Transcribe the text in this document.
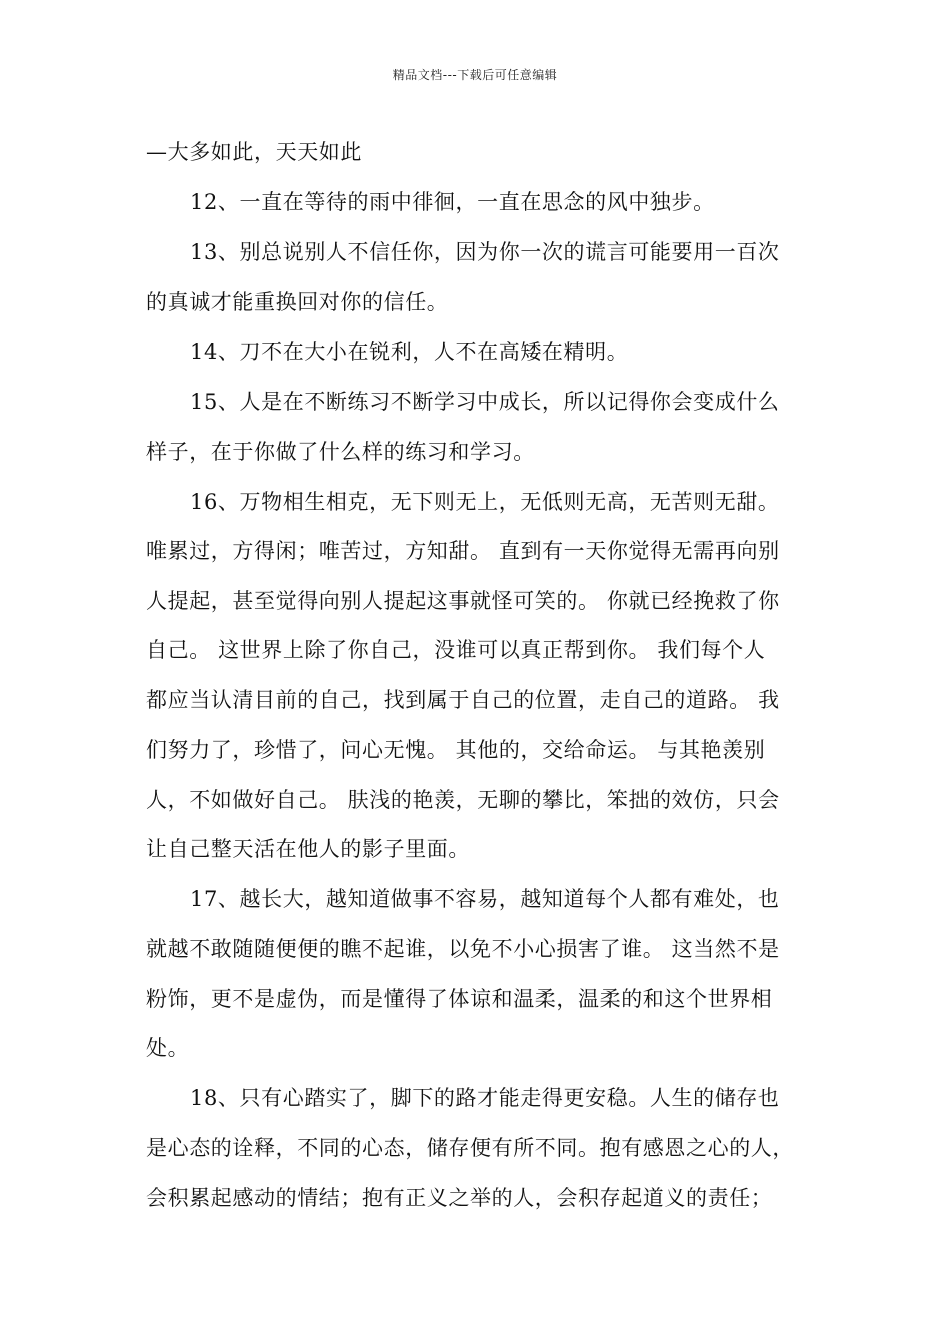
精品文档---下载后可任意编辑
—大多如此，天天如此
12、一直在等待的雨中徘徊，一直在思念的风中独步。
13、别总说别人不信任你，因为你一次的谎言可能要用一百次
的真诚才能重换回对你的信任。
14、刀不在大小在锐利，人不在高矮在精明。
15、人是在不断练习不断学习中成长，所以记得你会变成什么
样子，在于你做了什么样的练习和学习。
16、万物相生相克，无下则无上，无低则无高，无苦则无甜。
唯累过，方得闲；唯苦过，方知甜。 直到有一天你觉得无需再向别
人提起，甚至觉得向别人提起这事就怪可笑的。 你就已经挽救了你
自己。 这世界上除了你自己，没谁可以真正帮到你。 我们每个人
都应当认清目前的自己，找到属于自己的位置，走自己的道路。 我
们努力了，珍惜了，问心无愧。 其他的，交给命运。 与其艳羡别
人，不如做好自己。 肤浅的艳羡，无聊的攀比，笨拙的效仿，只会
让自己整天活在他人的影子里面。
17、越长大，越知道做事不容易，越知道每个人都有难处，也
就越不敢随随便便的瞧不起谁，以免不小心损害了谁。 这当然不是
粉饰，更不是虚伪，而是懂得了体谅和温柔，温柔的和这个世界相
处。
18、只有心踏实了，脚下的路才能走得更安稳。人生的储存也
是心态的诠释，不同的心态，储存便有所不同。抱有感恩之心的人，
会积累起感动的情结；抱有正义之举的人，会积存起道义的责任；
